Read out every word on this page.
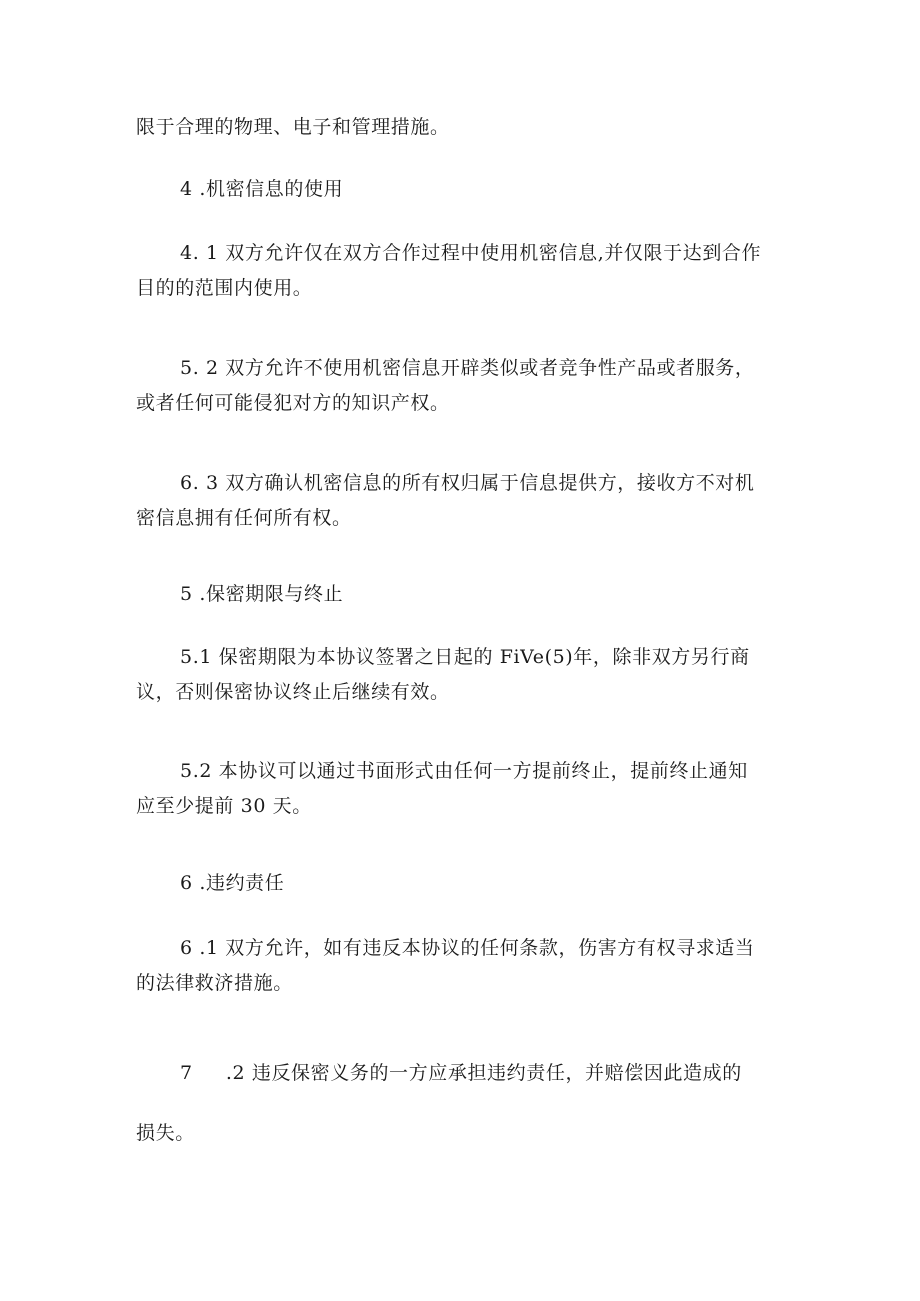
限于合理的物理、电子和管理措施。
4 .机密信息的使用
4. 1 双方允许仅在双方合作过程中使用机密信息,并仅限于达到合作
目的的范围内使用。
5. 2 双方允许不使用机密信息开辟类似或者竞争性产品或者服务，
或者任何可能侵犯对方的知识产权。
6. 3 双方确认机密信息的所有权归属于信息提供方，接收方不对机
密信息拥有任何所有权。
5 .保密期限与终止
5.1 保密期限为本协议签署之日起的 FiVe(5)年，除非双方另行商
议，否则保密协议终止后继续有效。
5.2 本协议可以通过书面形式由任何一方提前终止，提前终止通知
应至少提前 30 天。
6 .违约责任
6 .1 双方允许，如有违反本协议的任何条款，伤害方有权寻求适当
的法律救济措施。
7     .2 违反保密义务的一方应承担违约责任，并赔偿因此造成的
损失。
